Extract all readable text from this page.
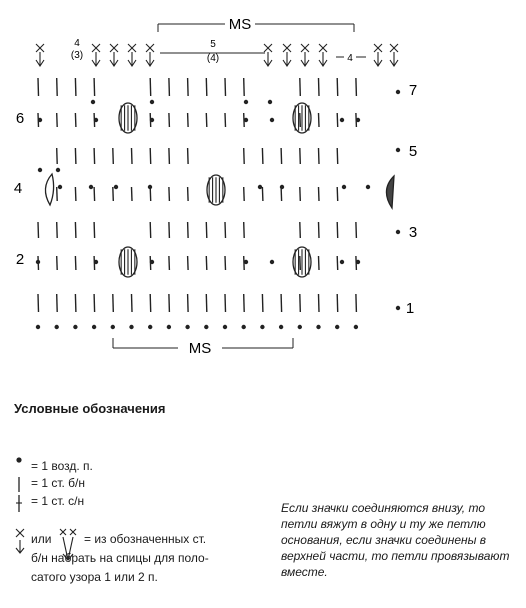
MS
4
(3)
5
(4)	4
6
4
2
7
5
3
1
MS
Условные обозначения
= 1 возд. п.
= 1 ст. б/н
= 1 ст. с/н
или	= из обозначенных ст.
б/н набрать на спицы для поло-
сатого узора 1 или 2 п.
Если значки соединяются внизу, то петли вяжут в одну и ту же петлю основания, если значки соединены в верхней части, то петли провязывают вместе.
